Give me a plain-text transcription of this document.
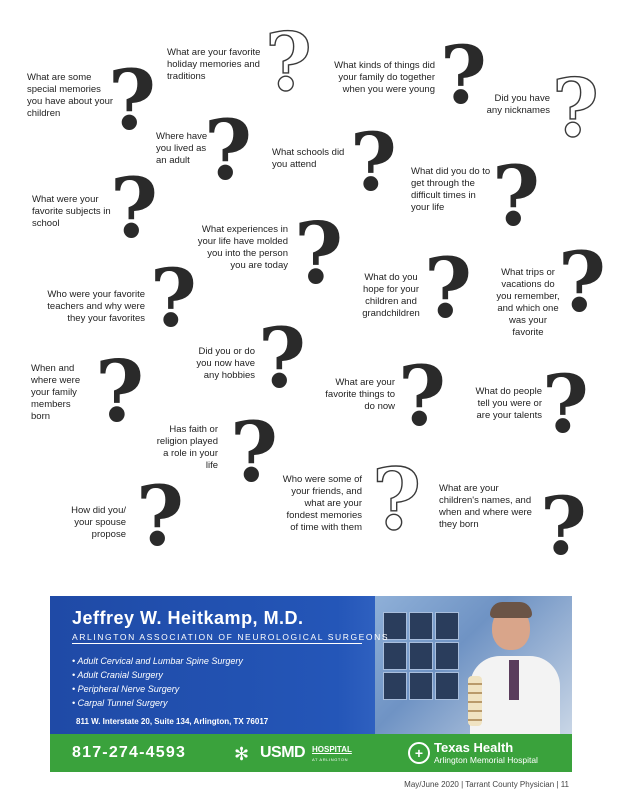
What are some special memories you have about your children
What are your favorite holiday memories and traditions
What kinds of things did your family do together when you were young
Did you have any nicknames
Where have you lived as an adult
What schools did you attend
What did you do to get through the difficult times in your life
What were your favorite subjects in school
What experiences in your life have molded you into the person you are today
What do you hope for your children and grandchildren
What trips or vacations do you remember, and which one was your favorite
Who were your favorite teachers and why were they your favorites
Did you or do you now have any hobbies
When and where were your family members born
What are your favorite things to do now
What do people tell you were or are your talents
Has faith or religion played a role in your life
How did you/ your spouse propose
Who were some of your friends, and what are your fondest memories of time with them
What are your children's names, and when and where were they born
? ? ? ?
? ? ?
? ? ? ?
?
?
?	? ?
?
? ? ?
Jeffrey W. Heitkamp, M.D.
ARLINGTON ASSOCIATION OF NEUROLOGICAL SURGEONS
• Adult Cervical and Lumbar Spine Surgery
• Adult Cranial Surgery
• Peripheral Nerve Surgery
• Carpal Tunnel Surgery
811 W. Interstate 20, Suite 134, Arlington, TX 76017
817-274-4593	✻ USMD HOSPITAL
AT ARLINGTON	+ Texas Health
Arlington Memorial Hospital
May/June 2020 | Tarrant County Physician | 11
